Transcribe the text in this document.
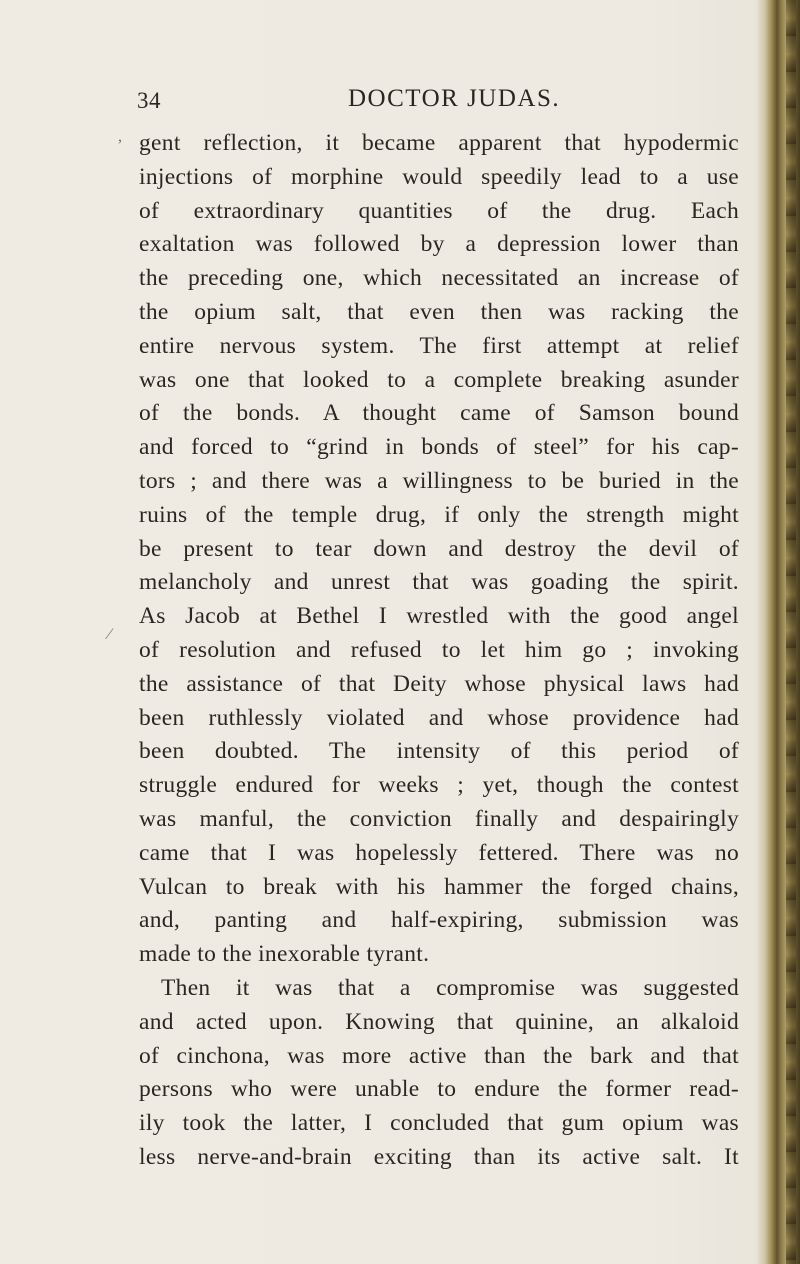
34	DOCTOR JUDAS.
,
⁄
gent reflection, it became apparent that hypodermic
injections of morphine would speedily lead to a use
of extraordinary quantities of the drug. Each
exaltation was followed by a depression lower than
the preceding one, which necessitated an increase of
the opium salt, that even then was racking the
entire nervous system. The first attempt at relief
was one that looked to a complete breaking asunder
of the bonds. A thought came of Samson bound
and forced to “grind in bonds of steel” for his cap-
tors ; and there was a willingness to be buried in the
ruins of the temple drug, if only the strength might
be present to tear down and destroy the devil of
melancholy and unrest that was goading the spirit.
As Jacob at Bethel I wrestled with the good angel
of resolution and refused to let him go ; invoking
the assistance of that Deity whose physical laws had
been ruthlessly violated and whose providence had
been doubted. The intensity of this period of
struggle endured for weeks ; yet, though the contest
was manful, the conviction finally and despairingly
came that I was hopelessly fettered. There was no
Vulcan to break with his hammer the forged chains,
and, panting and half-expiring, submission was
made to the inexorable tyrant.
Then it was that a compromise was suggested
and acted upon. Knowing that quinine, an alkaloid
of cinchona, was more active than the bark and that
persons who were unable to endure the former read-
ily took the latter, I concluded that gum opium was
less nerve-and-brain exciting than its active salt. It
